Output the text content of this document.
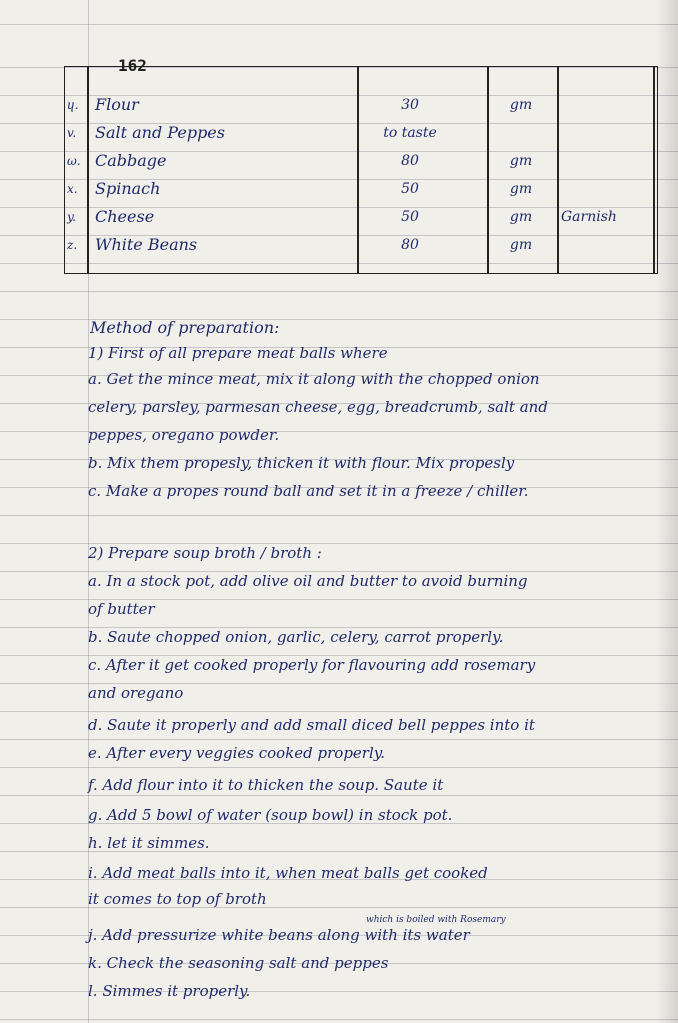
162
ɥ.	Flour	30	gm
v.	Salt and Peppes	to taste
ω. Cabbage	80	gm
x.	Spinach	50	gm
y.	Cheese	50	gm	Garnish
z.	White Beans	80	gm
Method of preparation:
1) First of all prepare meat balls where
a. Get the mince meat, mix it along with the chopped onion
celery, parsley, parmesan cheese, egg, breadcrumb, salt and
peppes, oregano powder.
b. Mix them propesly, thicken it with flour. Mix propesly
c. Make a propes round ball and set it in a freeze / chiller.
2) Prepare soup broth / broth :
a. In a stock pot, add olive oil and butter to avoid burning
of butter
b. Saute chopped onion, garlic, celery, carrot properly.
c. After it get cooked properly for flavouring add rosemary
and oregano
d. Saute it properly and add small diced bell peppes into it
e. After every veggies cooked properly.
f. Add flour into it to thicken the soup. Saute it
g. Add 5 bowl of water (soup bowl) in stock pot.
h. let it simmes.
i. Add meat balls into it, when meat balls get cooked
it comes to top of broth
which is boiled with Rosemary
j. Add pressurize white beans along with its water
k. Check the seasoning salt and peppes
l. Simmes it properly.
